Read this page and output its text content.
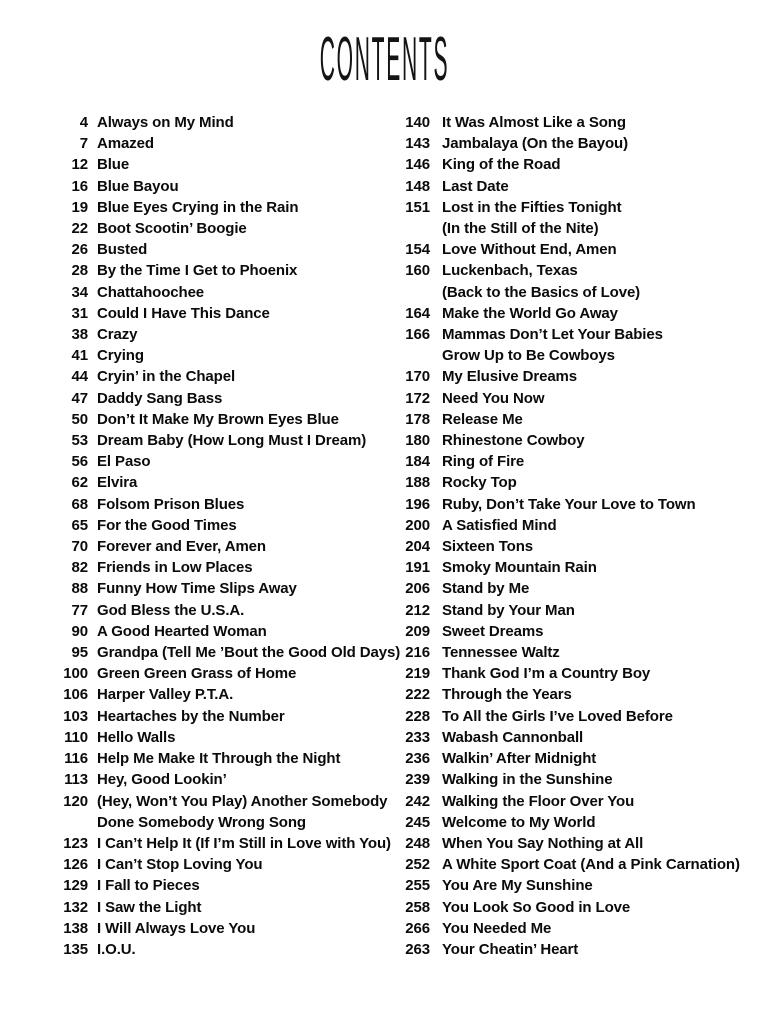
CONTENTS
4 Always on My Mind
7 Amazed
12 Blue
16 Blue Bayou
19 Blue Eyes Crying in the Rain
22 Boot Scootin’ Boogie
26 Busted
28 By the Time I Get to Phoenix
34 Chattahoochee
31 Could I Have This Dance
38 Crazy
41 Crying
44 Cryin’ in the Chapel
47 Daddy Sang Bass
50 Don’t It Make My Brown Eyes Blue
53 Dream Baby (How Long Must I Dream)
56 El Paso
62 Elvira
68 Folsom Prison Blues
65 For the Good Times
70 Forever and Ever, Amen
82 Friends in Low Places
88 Funny How Time Slips Away
77 God Bless the U.S.A.
90 A Good Hearted Woman
95 Grandpa (Tell Me ’Bout the Good Old Days)
100 Green Green Grass of Home
106 Harper Valley P.T.A.
103 Heartaches by the Number
110 Hello Walls
116 Help Me Make It Through the Night
113 Hey, Good Lookin’
120 (Hey, Won’t You Play) Another Somebody
Done Somebody Wrong Song
123 I Can’t Help It (If I’m Still in Love with You)
126 I Can’t Stop Loving You
129 I Fall to Pieces
132 I Saw the Light
138 I Will Always Love You
135 I.O.U.
140 It Was Almost Like a Song
143 Jambalaya (On the Bayou)
146 King of the Road
148 Last Date
151 Lost in the Fifties Tonight
(In the Still of the Nite)
154 Love Without End, Amen
160 Luckenbach, Texas
(Back to the Basics of Love)
164 Make the World Go Away
166 Mammas Don’t Let Your Babies
Grow Up to Be Cowboys
170 My Elusive Dreams
172 Need You Now
178 Release Me
180 Rhinestone Cowboy
184 Ring of Fire
188 Rocky Top
196 Ruby, Don’t Take Your Love to Town
200 A Satisfied Mind
204 Sixteen Tons
191 Smoky Mountain Rain
206 Stand by Me
212 Stand by Your Man
209 Sweet Dreams
216 Tennessee Waltz
219 Thank God I’m a Country Boy
222 Through the Years
228 To All the Girls I’ve Loved Before
233 Wabash Cannonball
236 Walkin’ After Midnight
239 Walking in the Sunshine
242 Walking the Floor Over You
245 Welcome to My World
248 When You Say Nothing at All
252 A White Sport Coat (And a Pink Carnation)
255 You Are My Sunshine
258 You Look So Good in Love
266 You Needed Me
263 Your Cheatin’ Heart
